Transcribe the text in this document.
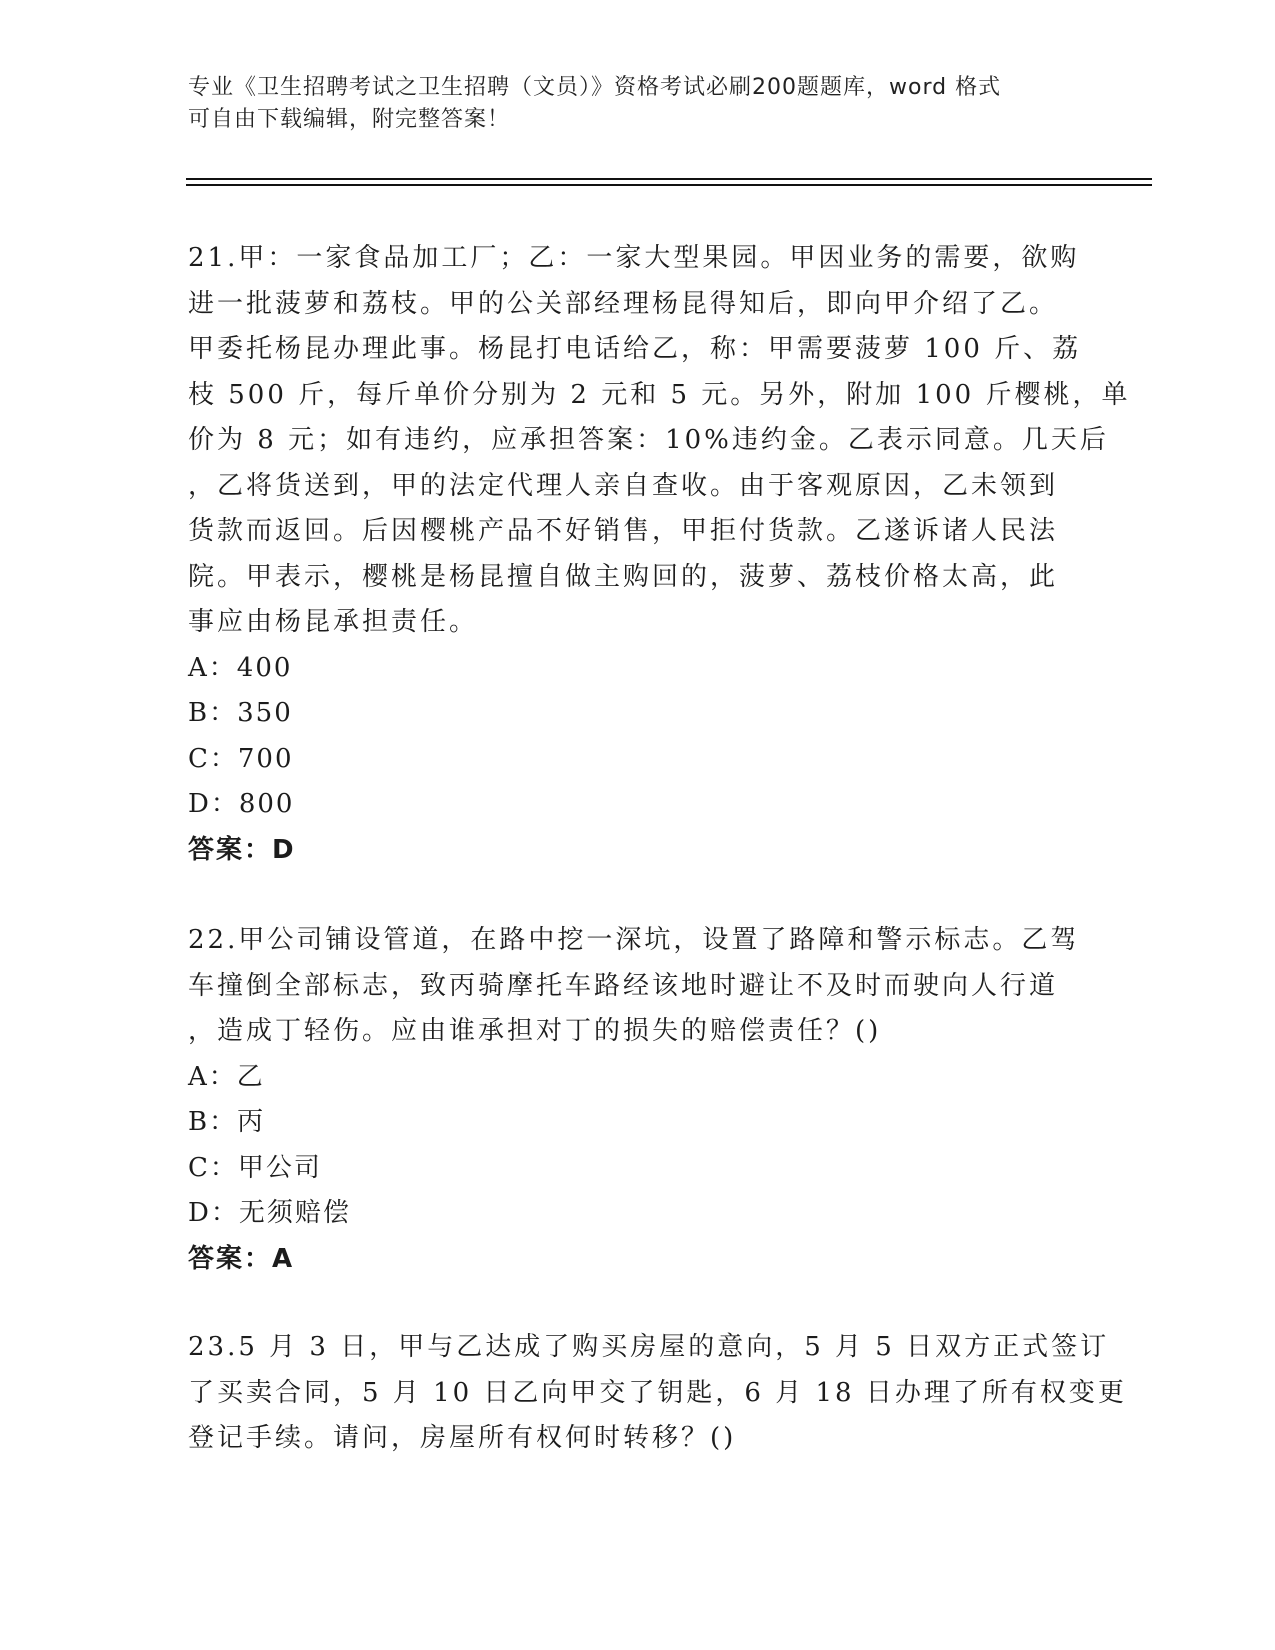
专业《卫生招聘考试之卫生招聘（文员）》资格考试必刷200题题库，word 格式
可自由下载编辑，附完整答案！
21.甲：一家食品加工厂；乙：一家大型果园。甲因业务的需要，欲购
进一批菠萝和荔枝。甲的公关部经理杨昆得知后，即向甲介绍了乙。
甲委托杨昆办理此事。杨昆打电话给乙，称：甲需要菠萝 100 斤、荔
枝 500 斤，每斤单价分别为 2 元和 5 元。另外，附加 100 斤樱桃，单
价为 8 元；如有违约，应承担答案：10%违约金。乙表示同意。几天后
，乙将货送到，甲的法定代理人亲自查收。由于客观原因，乙未领到
货款而返回。后因樱桃产品不好销售，甲拒付货款。乙遂诉诸人民法
院。甲表示，樱桃是杨昆擅自做主购回的，菠萝、荔枝价格太高，此
事应由杨昆承担责任。
A：400
B：350
C：700
D：800
答案：D
22.甲公司铺设管道，在路中挖一深坑，设置了路障和警示标志。乙驾
车撞倒全部标志，致丙骑摩托车路经该地时避让不及时而驶向人行道
，造成丁轻伤。应由谁承担对丁的损失的赔偿责任？()
A：乙
B：丙
C：甲公司
D：无须赔偿
答案：A
23.5 月 3 日，甲与乙达成了购买房屋的意向，5 月 5 日双方正式签订
了买卖合同，5 月 10 日乙向甲交了钥匙，6 月 18 日办理了所有权变更
登记手续。请问，房屋所有权何时转移？()
